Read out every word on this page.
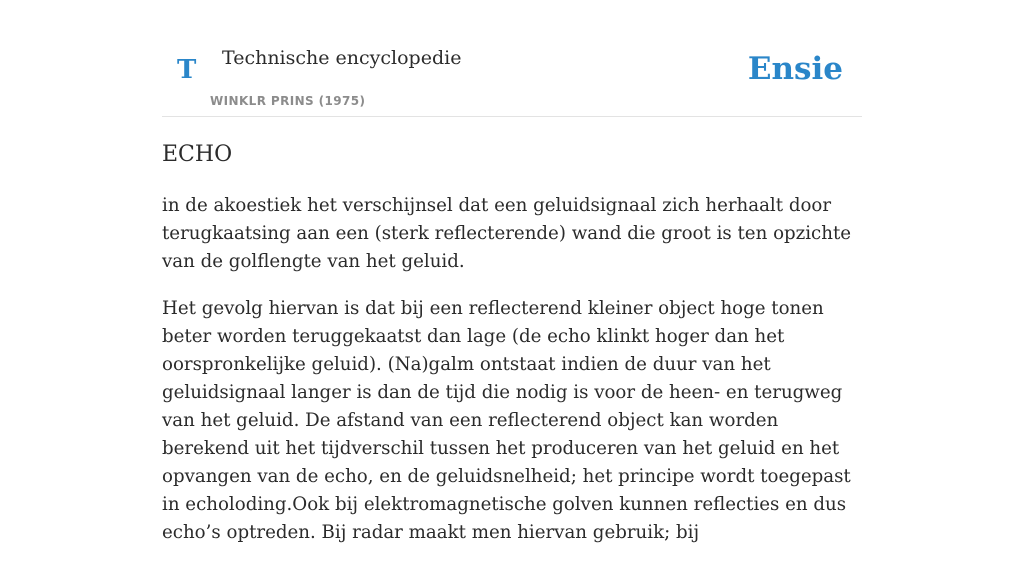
T Technische encyclopedie
WINKLR PRINS (1975)
Ensie
ECHO

in de akoestiek het verschijnsel dat een geluidsignaal zich herhaalt door terugkaatsing aan een (sterk reflecterende) wand die groot is ten opzichte van de golflengte van het geluid.

Het gevolg hiervan is dat bij een reflecterend kleiner object hoge tonen beter worden teruggekaatst dan lage (de echo klinkt hoger dan het oorspronkelijke geluid). (Na)galm ontstaat indien de duur van het geluidsignaal langer is dan de tijd die nodig is voor de heen- en terugweg van het geluid. De afstand van een reflecterend object kan worden berekend uit het tijdverschil tussen het produceren van het geluid en het opvangen van de echo, en de geluidsnelheid; het principe wordt toegepast in echoloding.Ook bij elektromagnetische golven kunnen reflecties en dus echo’s optreden. Bij radar maakt men hiervan gebruik; bij
